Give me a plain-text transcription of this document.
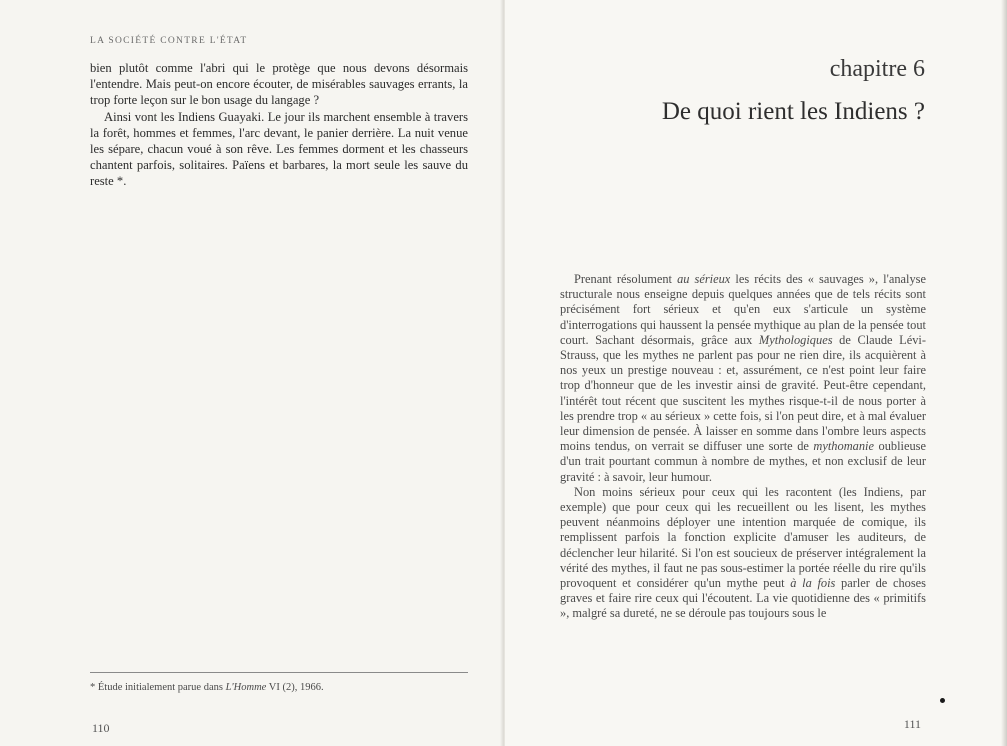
LA SOCIÉTÉ CONTRE L'ÉTAT

bien plutôt comme l'abri qui le protège que nous devons désormais l'entendre. Mais peut-on encore écouter, de misérables sauvages errants, la trop forte leçon sur le bon usage du langage ?

Ainsi vont les Indiens Guayaki. Le jour ils marchent ensemble à travers la forêt, hommes et femmes, l'arc devant, le panier derrière. La nuit venue les sépare, chacun voué à son rêve. Les femmes dorment et les chasseurs chantent parfois, solitaires. Païens et barbares, la mort seule les sauve du reste *.

* Étude initialement parue dans L'Homme VI (2), 1966.
110
chapitre 6
De quoi rient les Indiens ?

Prenant résolument au sérieux les récits des « sauvages », l'analyse structurale nous enseigne depuis quelques années que de tels récits sont précisément fort sérieux et qu'en eux s'articule un système d'interrogations qui haussent la pensée mythique au plan de la pensée tout court. Sachant désormais, grâce aux Mythologiques de Claude Lévi-Strauss, que les mythes ne parlent pas pour ne rien dire, ils acquièrent à nos yeux un prestige nouveau : et, assurément, ce n'est point leur faire trop d'honneur que de les investir ainsi de gravité. Peut-être cependant, l'intérêt tout récent que suscitent les mythes risque-t-il de nous porter à les prendre trop « au sérieux » cette fois, si l'on peut dire, et à mal évaluer leur dimension de pensée. À laisser en somme dans l'ombre leurs aspects moins tendus, on verrait se diffuser une sorte de mythomanie oublieuse d'un trait pourtant commun à nombre de mythes, et non exclusif de leur gravité : à savoir, leur humour.

Non moins sérieux pour ceux qui les racontent (les Indiens, par exemple) que pour ceux qui les recueillent ou les lisent, les mythes peuvent néanmoins déployer une intention marquée de comique, ils remplissent parfois la fonction explicite d'amuser les auditeurs, de déclencher leur hilarité. Si l'on est soucieux de préserver intégralement la vérité des mythes, il faut ne pas sous-estimer la portée réelle du rire qu'ils provoquent et considérer qu'un mythe peut à la fois parler de choses graves et faire rire ceux qui l'écoutent. La vie quotidienne des « primitifs », malgré sa dureté, ne se déroule pas toujours sous le

111
